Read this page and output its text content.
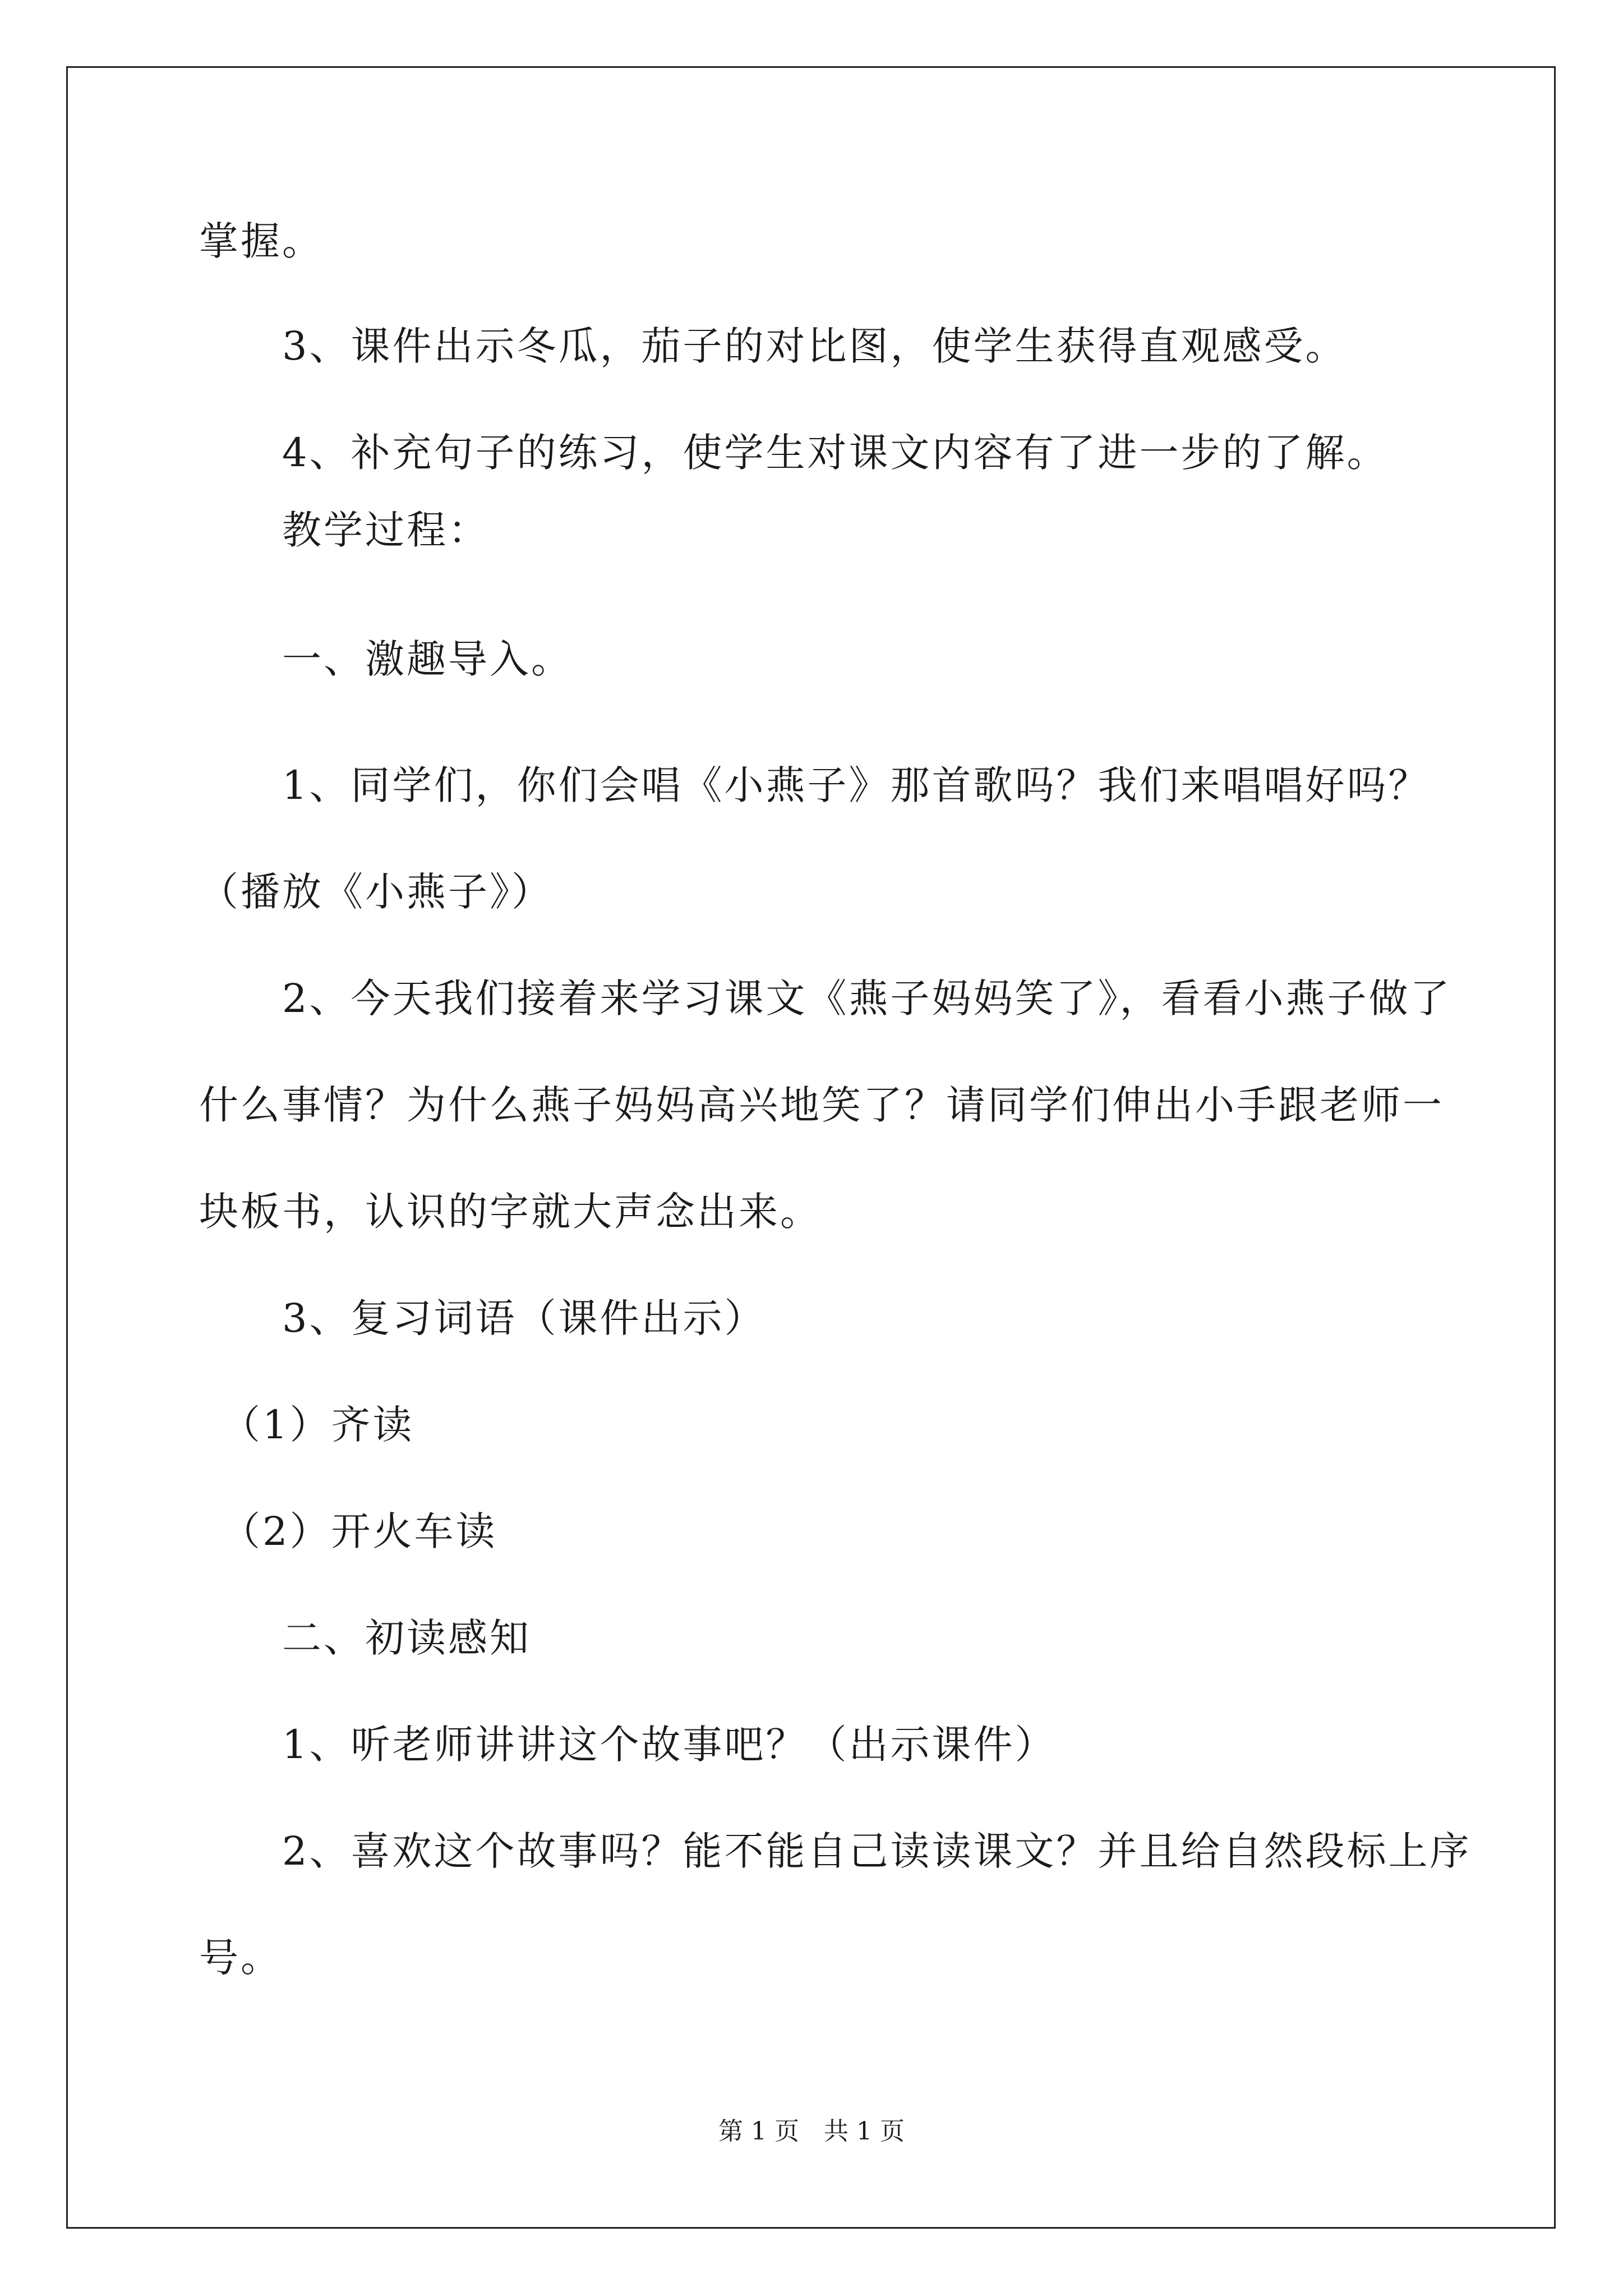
掌握。

　　3、课件出示冬瓜，茄子的对比图，使学生获得直观感受。

　　4、补充句子的练习，使学生对课文内容有了进一步的了解。

　　教学过程：

　　一、激趣导入。

　　1、同学们，你们会唱《小燕子》那首歌吗？我们来唱唱好吗？

（播放《小燕子》）

　　2、今天我们接着来学习课文《燕子妈妈笑了》，看看小燕子做了

什么事情？为什么燕子妈妈高兴地笑了？请同学们伸出小手跟老师一

块板书，认识的字就大声念出来。

　　3、复习词语（课件出示）

　（1）齐读

　（2）开火车读

　　二、初读感知

　　1、听老师讲讲这个故事吧？（出示课件）

　　2、喜欢这个故事吗？能不能自己读读课文？并且给自然段标上序

号。

第 1 页　共 1 页
